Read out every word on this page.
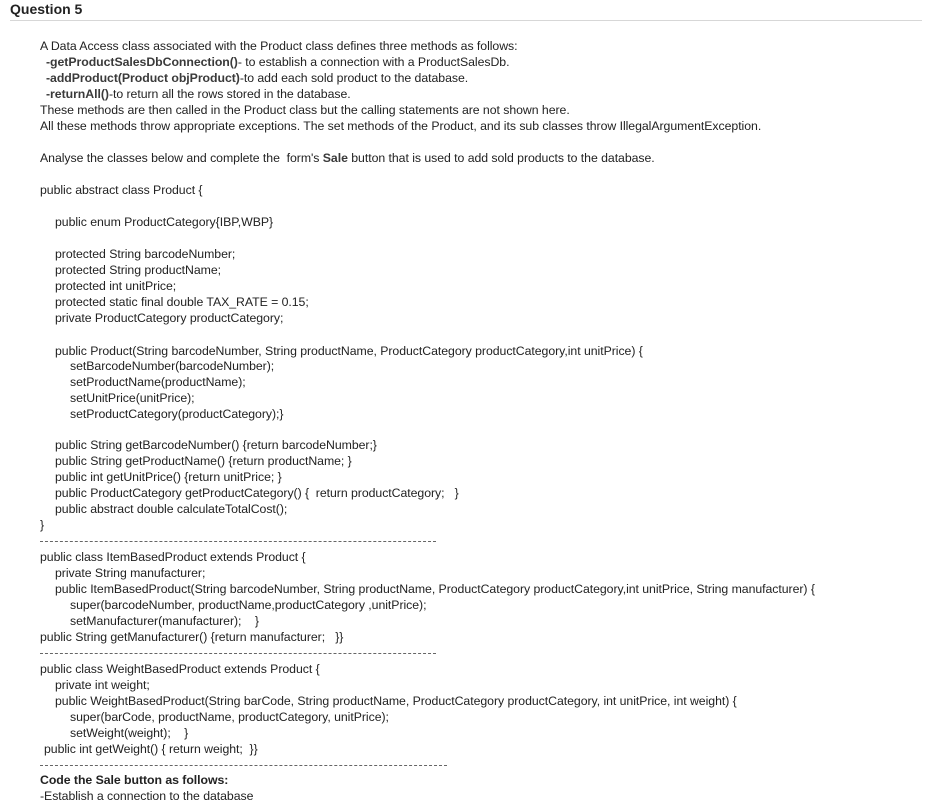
Question 5
A Data Access class associated with the Product class defines three methods as follows:
-getProductSalesDbConnection()- to establish a connection with a ProductSalesDb.
-addProduct(Product objProduct)-to add each sold product to the database.
-returnAll()-to return all the rows stored in the database.
These methods are then called in the Product class but the calling statements are not shown here.
All these methods throw appropriate exceptions. The set methods of the Product, and its sub classes throw IllegalArgumentException.
Analyse the classes below and complete the  form's Sale button that is used to add sold products to the database.
public abstract class Product {
public enum ProductCategory{IBP,WBP}
protected String barcodeNumber;
protected String productName;
protected int unitPrice;
protected static final double TAX_RATE = 0.15;
private ProductCategory productCategory;
public Product(String barcodeNumber, String productName, ProductCategory productCategory,int unitPrice) {
setBarcodeNumber(barcodeNumber);
setProductName(productName);
setUnitPrice(unitPrice);
setProductCategory(productCategory);}
public String getBarcodeNumber() {return barcodeNumber;}
public String getProductName() {return productName; }
public int getUnitPrice() {return unitPrice; }
public ProductCategory getProductCategory() {  return productCategory;   }
public abstract double calculateTotalCost();
}
public class ItemBasedProduct extends Product {
private String manufacturer;
public ItemBasedProduct(String barcodeNumber, String productName, ProductCategory productCategory,int unitPrice, String manufacturer) {
super(barcodeNumber, productName,productCategory ,unitPrice);
setManufacturer(manufacturer);    }
public String getManufacturer() {return manufacturer;   }}
public class WeightBasedProduct extends Product {
private int weight;
public WeightBasedProduct(String barCode, String productName, ProductCategory productCategory, int unitPrice, int weight) {
super(barCode, productName, productCategory, unitPrice);
setWeight(weight);    }
public int getWeight() { return weight;  }}
Code the Sale button as follows:
-Establish a connection to the database
